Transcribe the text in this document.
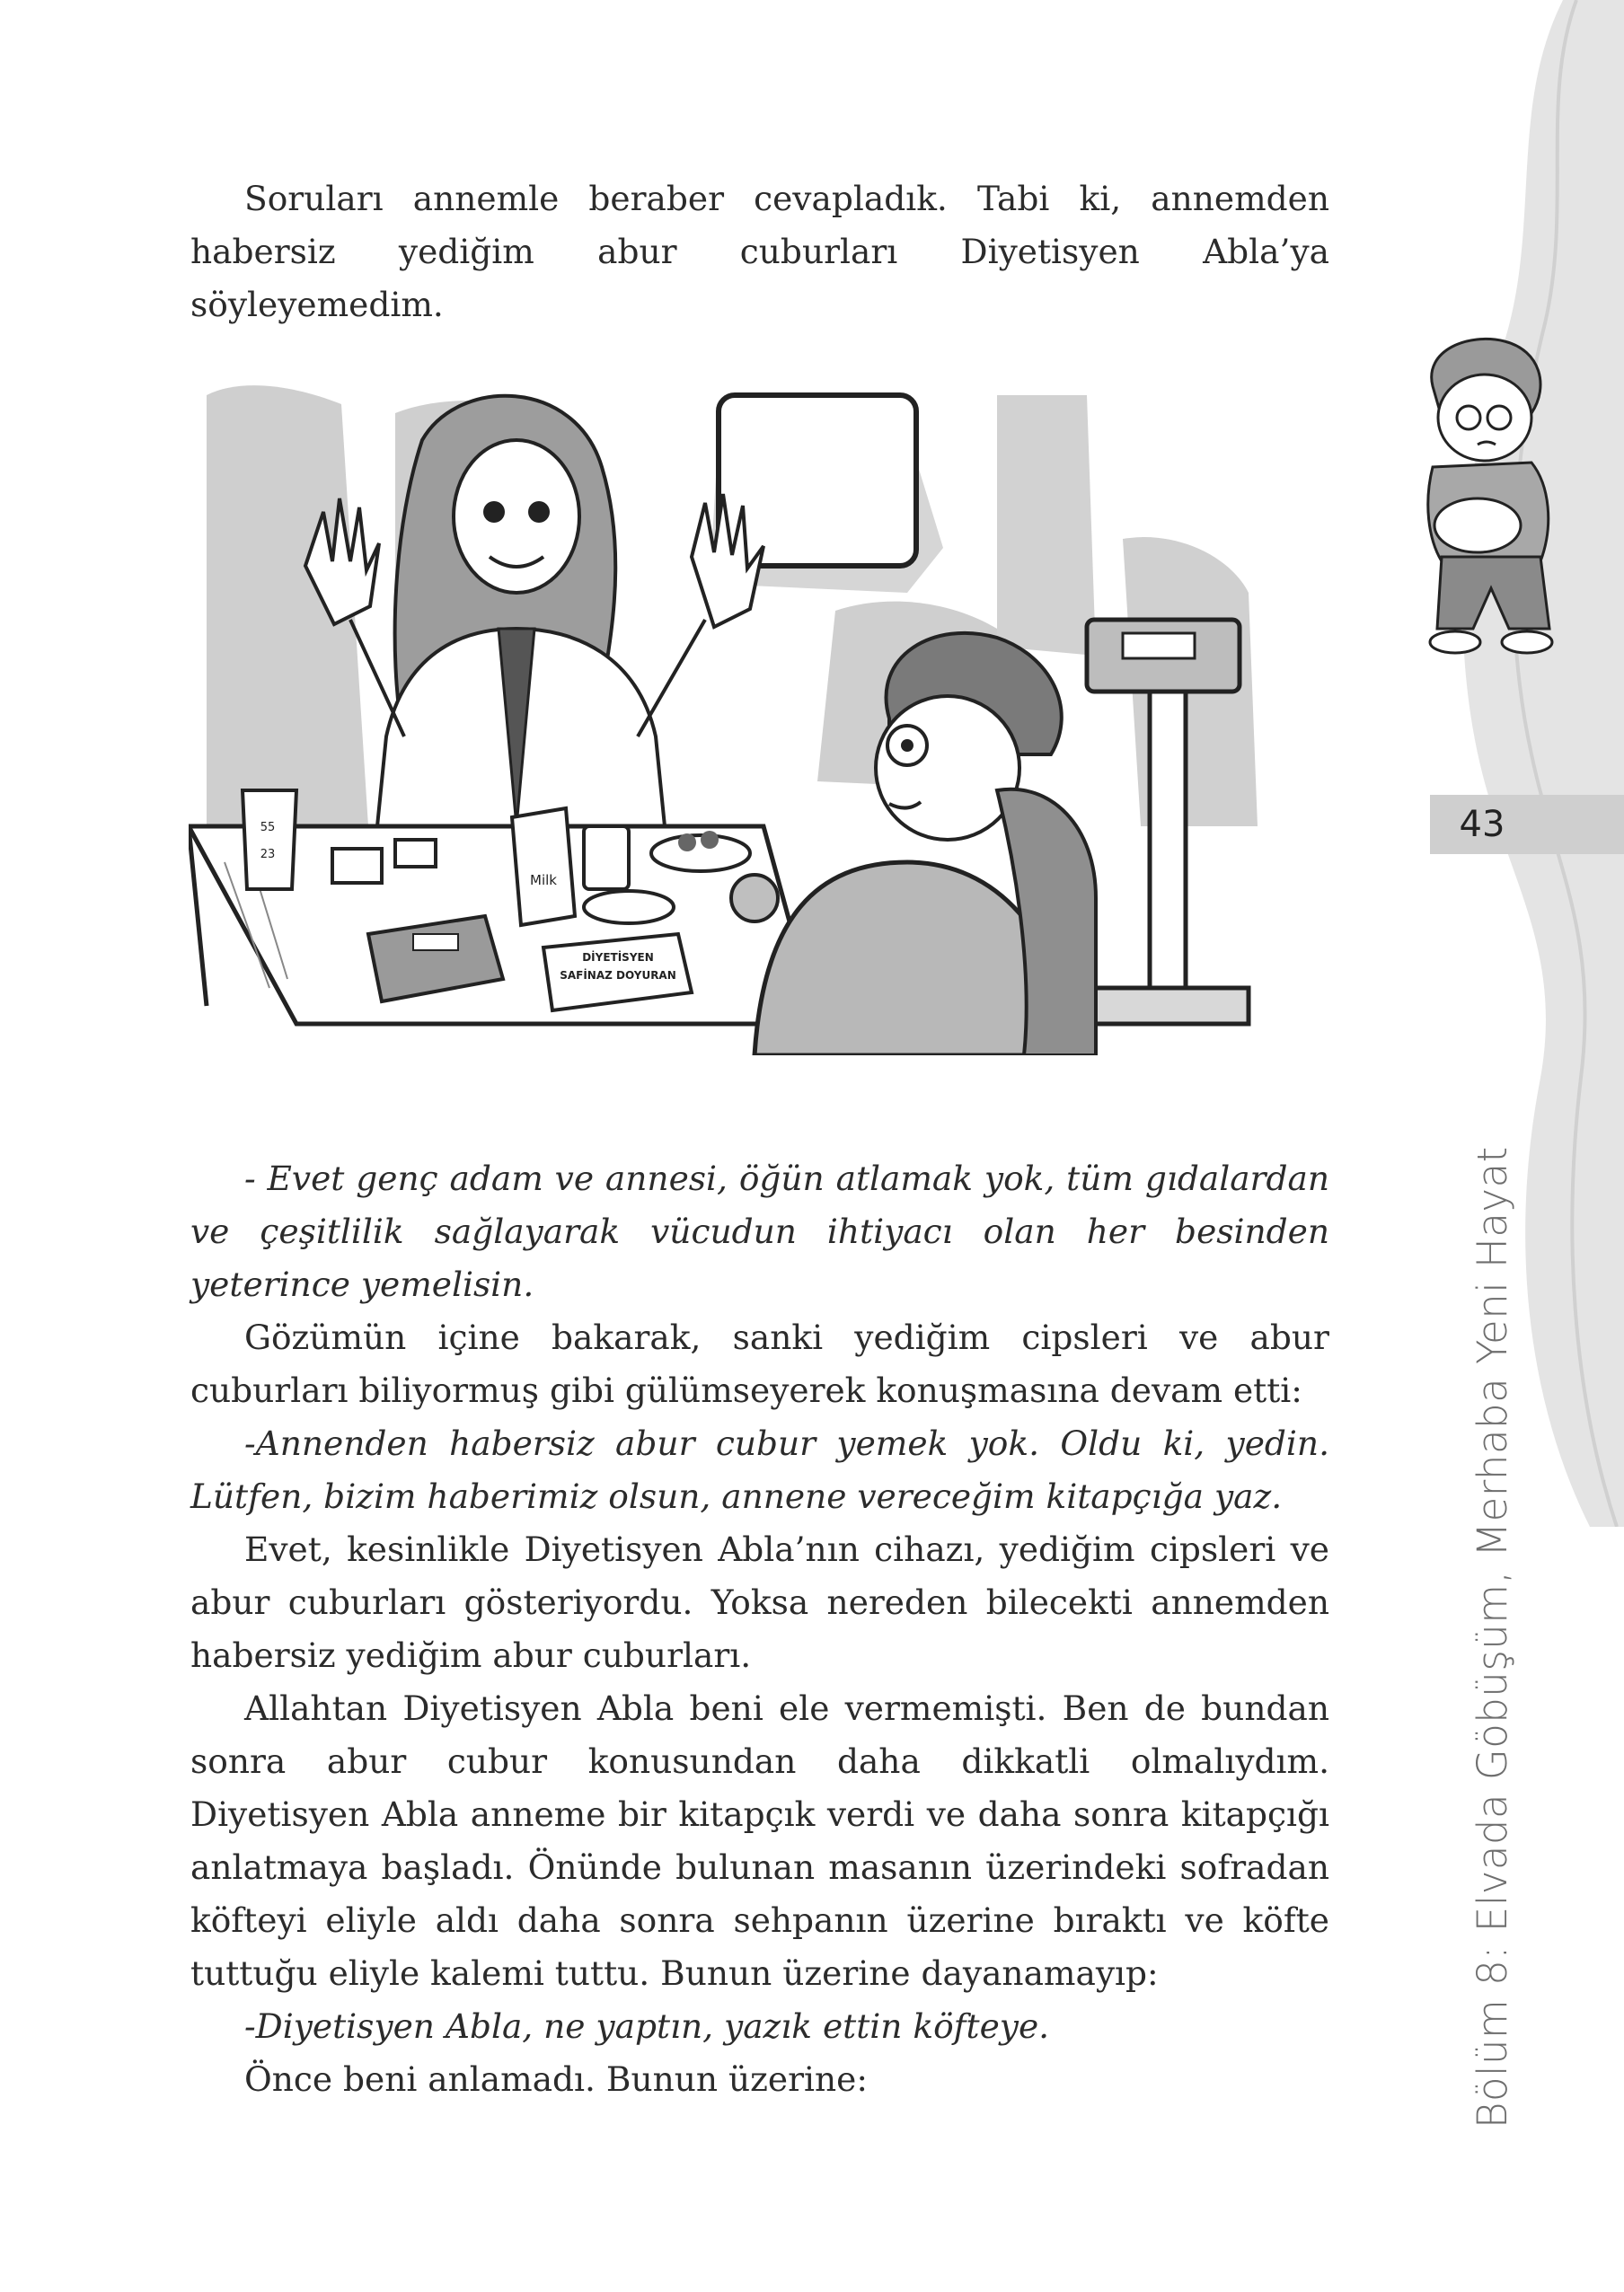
Soruları annemle beraber cevapladık. Tabi ki, annemden habersiz yediğim abur cuburları Diyetisyen Abla’ya söyleyemedim.

55
23
Milk
DİYETİSYEN
SAFİNAZ DOYURAN

- Evet genç adam ve annesi, öğün atlamak yok, tüm gıdalardan ve çeşitlilik sağlayarak vücudun ihtiyacı olan her besinden yeterince yemelisin.

Gözümün içine bakarak, sanki yediğim cipsleri ve abur cuburları biliyormuş gibi gülümseyerek konuşmasına devam etti:

-Annenden habersiz abur cubur yemek yok. Oldu ki, yedin. Lütfen, bizim haberimiz olsun, annene vereceğim kitapçığa yaz.

Evet, kesinlikle Diyetisyen Abla’nın cihazı, yediğim cipsleri ve abur cuburları gösteriyordu. Yoksa nereden bilecekti annemden habersiz yediğim abur cuburları.

Allahtan Diyetisyen Abla beni ele vermemişti. Ben de bundan sonra abur cubur konusundan daha dikkatli olmalıydım. Diyetisyen Abla anneme bir kitapçık verdi ve daha sonra kitapçığı anlatmaya başladı. Önünde bulunan masanın üzerindeki sofradan köfteyi eliyle aldı daha sonra sehpanın üzerine bıraktı ve köfte tuttuğu eliyle kalemi tuttu. Bunun üzerine dayanamayıp:

-Diyetisyen Abla, ne yaptın, yazık ettin köfteye.

Önce beni anlamadı. Bunun üzerine:

43
Bölüm 8: Elvada Göbüşüm, Merhaba Yeni Hayat
